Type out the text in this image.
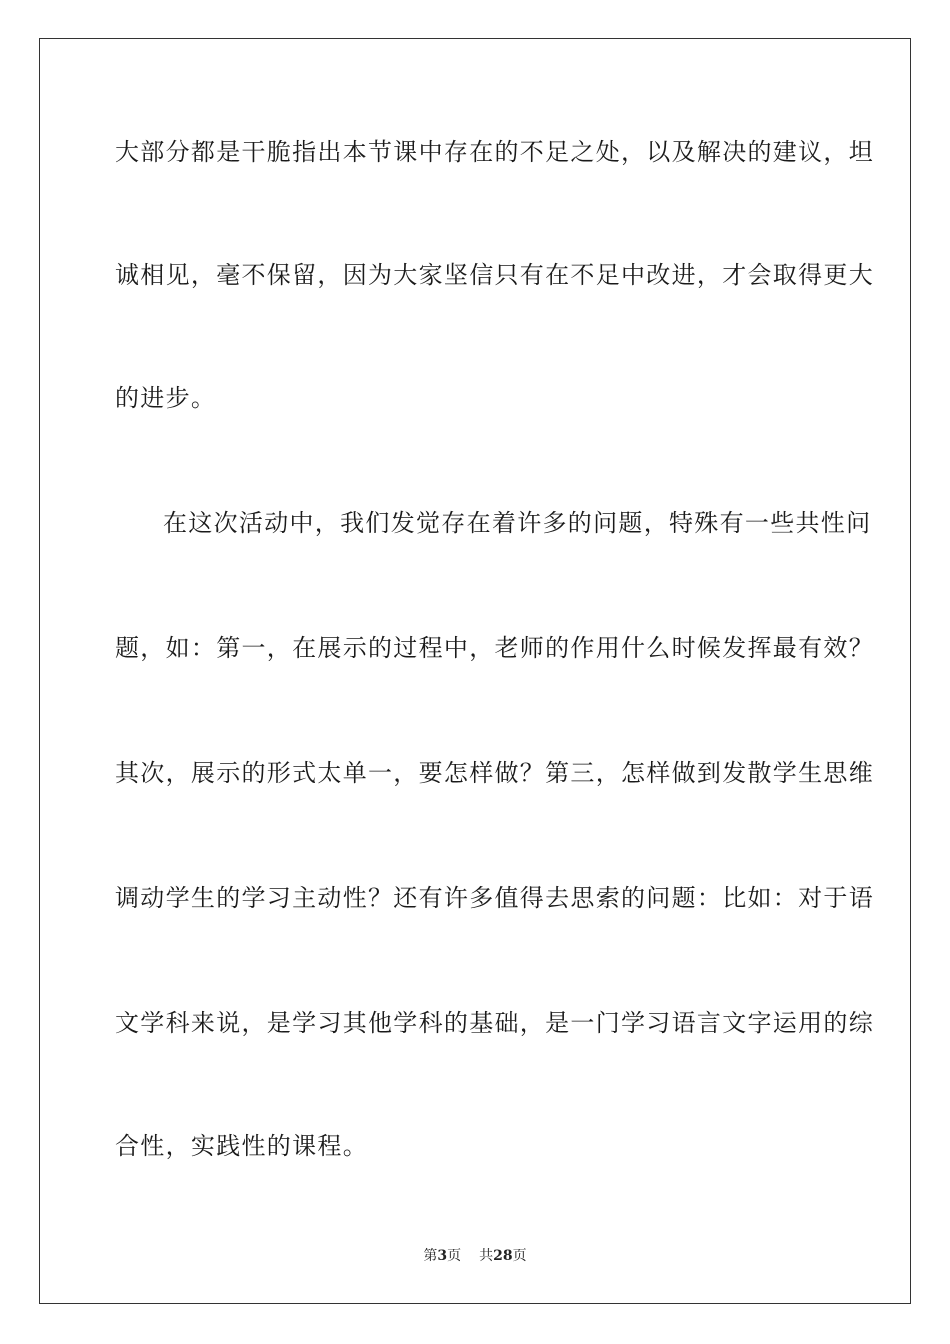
大部分都是干脆指出本节课中存在的不足之处，以及解决的建议，坦
诚相见，毫不保留，因为大家坚信只有在不足中改进，才会取得更大
的进步。
在这次活动中，我们发觉存在着许多的问题，特殊有一些共性问
题，如：第一，在展示的过程中，老师的作用什么时候发挥最有效？
其次，展示的形式太单一，要怎样做？第三，怎样做到发散学生思维
调动学生的学习主动性？还有许多值得去思索的问题：比如：对于语
文学科来说，是学习其他学科的基础，是一门学习语言文字运用的综
合性，实践性的课程。
第3页 共28页
